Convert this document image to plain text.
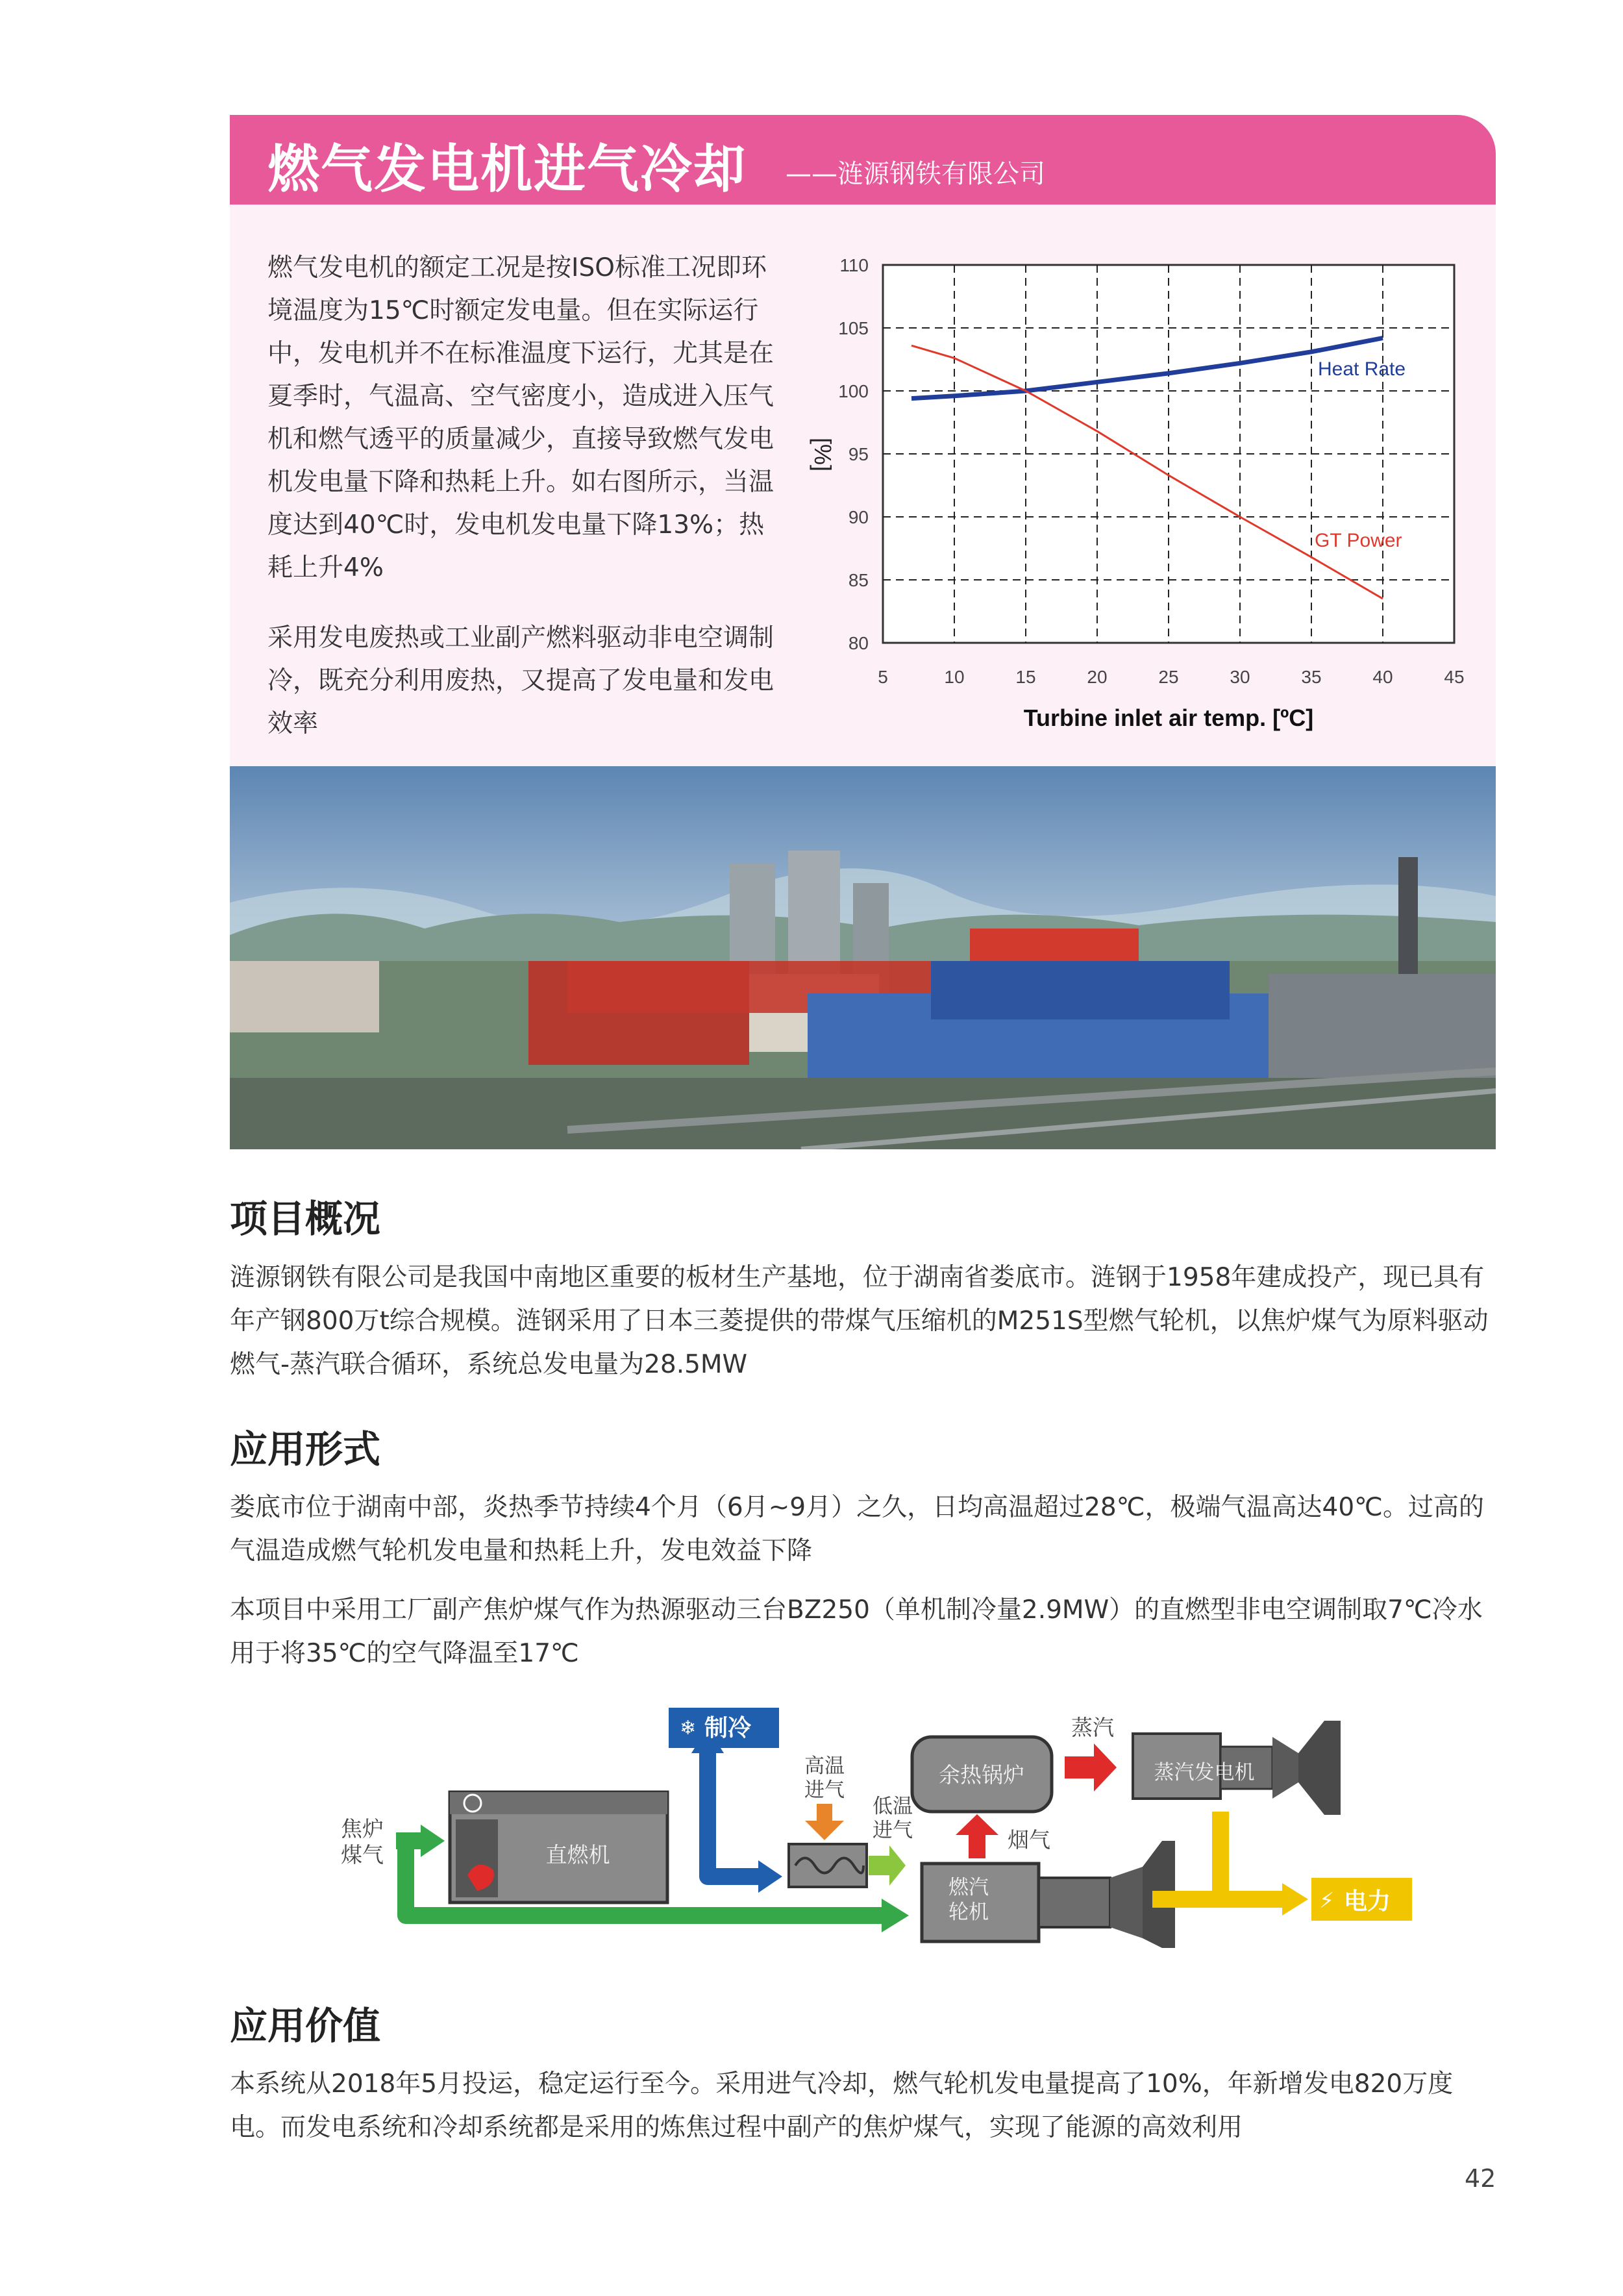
燃气发电机进气冷却 ——涟源钢铁有限公司
燃气发电机的额定工况是按ISO标准工况即环境温度为15℃时额定发电量。但在实际运行中，发电机并不在标准温度下运行，尤其是在夏季时，气温高、空气密度小，造成进入压气机和燃气透平的质量减少，直接导致燃气发电机发电量下降和热耗上升。如右图所示，当温度达到40℃时，发电机发电量下降13%；热耗上升4%
采用发电废热或工业副产燃料驱动非电空调制冷，既充分利用废热，又提高了发电量和发电效率
110
105
100
95
90
85
80
5	10	15	20	25	30	35	40	45
[%]
Turbine inlet air temp. [ºC]
Heat Rate
GT Power
项目概况
涟源钢铁有限公司是我国中南地区重要的板材生产基地，位于湖南省娄底市。涟钢于1958年建成投产，现已具有年产钢800万t综合规模。涟钢采用了日本三菱提供的带煤气压缩机的M251S型燃气轮机，以焦炉煤气为原料驱动燃气-蒸汽联合循环，系统总发电量为28.5MW
应用形式
娄底市位于湖南中部，炎热季节持续4个月（6月~9月）之久，日均高温超过28℃，极端气温高达40℃。过高的气温造成燃气轮机发电量和热耗上升，发电效益下降
本项目中采用工厂副产焦炉煤气作为热源驱动三台BZ250（单机制冷量2.9MW）的直燃型非电空调制取7℃冷水用于将35℃的空气降温至17℃
焦炉
煤气	直燃机
❄ 制冷
高温
进气
低温
进气
余热锅炉
烟气
燃汽
轮机
蒸汽
蒸汽发电机
⚡ 电力
应用价值
本系统从2018年5月投运，稳定运行至今。采用进气冷却，燃气轮机发电量提高了10%，年新增发电820万度电。而发电系统和冷却系统都是采用的炼焦过程中副产的焦炉煤气，实现了能源的高效利用
42
